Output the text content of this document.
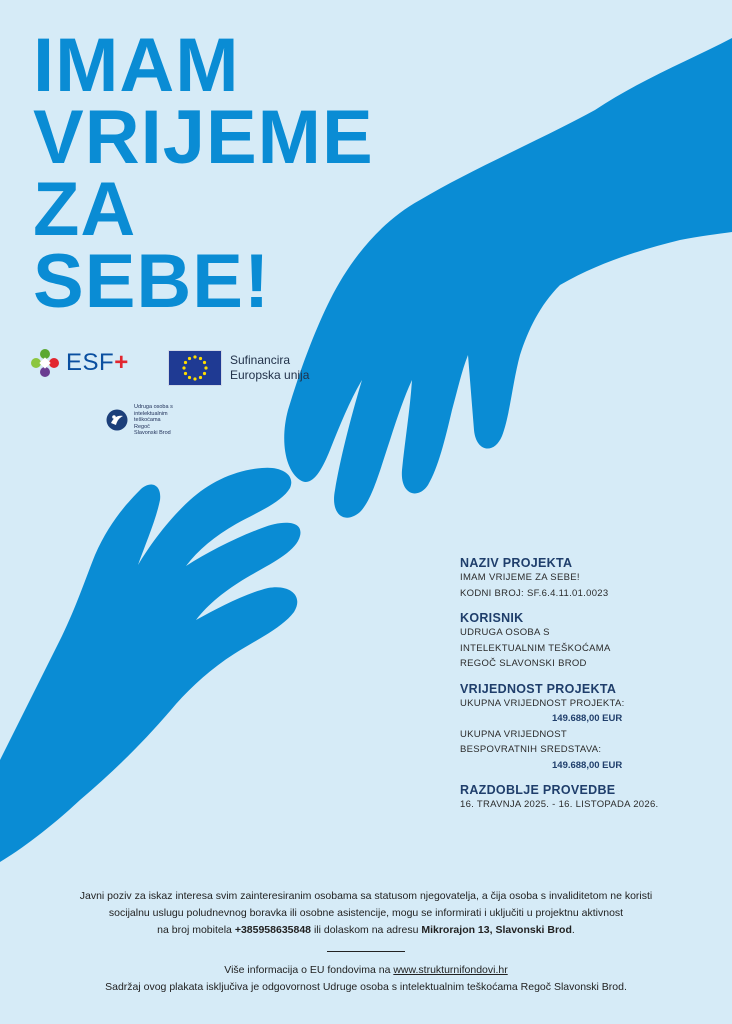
IMAM
VRIJEME
ZA
SEBE!
ESF+	Sufinancira
Europska unija
Udruga osoba s
intelektualnim
teškoćama
Regoč
Slavonski Brod
NAZIV PROJEKTA
IMAM VRIJEME ZA SEBE!
KODNI BROJ: SF.6.4.11.01.0023
KORISNIK
UDRUGA OSOBA S
INTELEKTUALNIM TEŠKOĆAMA
REGOČ SLAVONSKI BROD
VRIJEDNOST PROJEKTA
UKUPNA VRIJEDNOST PROJEKTA:
149.688,00 EUR
UKUPNA VRIJEDNOST
BESPOVRATNIH SREDSTAVA:
149.688,00 EUR
RAZDOBLJE PROVEDBE
16. TRAVNJA 2025. - 16. LISTOPADA 2026.

Javni poziv za iskaz interesa svim zainteresiranim osobama sa statusom njegovatelja, a čija osoba s invaliditetom ne koristi

socijalnu uslugu poludnevnog boravka ili osobne asistencije, mogu se informirati i uključiti u projektnu aktivnost

na broj mobitela +385958635848 ili dolaskom na adresu Mikrorajon 13, Slavonski Brod.

Više informacija o EU fondovima na www.strukturnifondovi.hr

Sadržaj ovog plakata isključiva je odgovornost Udruge osoba s intelektualnim teškoćama Regoč Slavonski Brod.
